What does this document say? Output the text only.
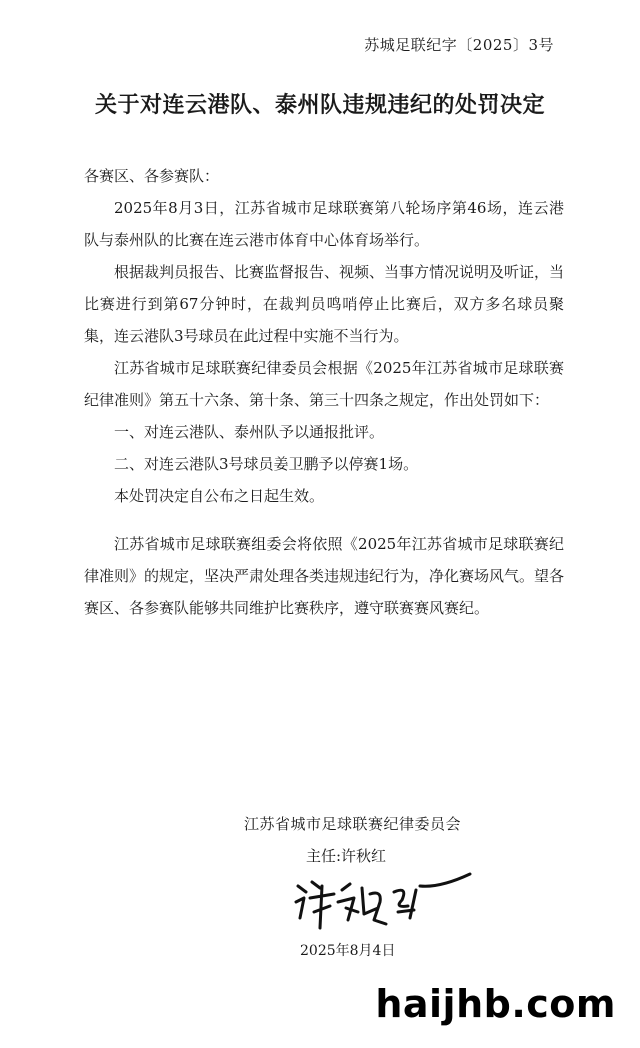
苏城足联纪字〔2025〕3号
关于对连云港队、泰州队违规违纪的处罚决定

各赛区、各参赛队：

2025年8月3日，江苏省城市足球联赛第八轮场序第46场，连云港队与泰州队的比赛在连云港市体育中心体育场举行。

根据裁判员报告、比赛监督报告、视频、当事方情况说明及听证，当比赛进行到第67分钟时，在裁判员鸣哨停止比赛后，双方多名球员聚集，连云港队3号球员在此过程中实施不当行为。

江苏省城市足球联赛纪律委员会根据《2025年江苏省城市足球联赛纪律准则》第五十六条、第十条、第三十四条之规定，作出处罚如下：

一、对连云港队、泰州队予以通报批评。

二、对连云港队3号球员姜卫鹏予以停赛1场。

本处罚决定自公布之日起生效。

江苏省城市足球联赛组委会将依照《2025年江苏省城市足球联赛纪律准则》的规定，坚决严肃处理各类违规违纪行为，净化赛场风气。望各赛区、各参赛队能够共同维护比赛秩序，遵守联赛赛风赛纪。

江苏省城市足球联赛纪律委员会
主任:许秋红
2025年8月4日
haijhb.com
